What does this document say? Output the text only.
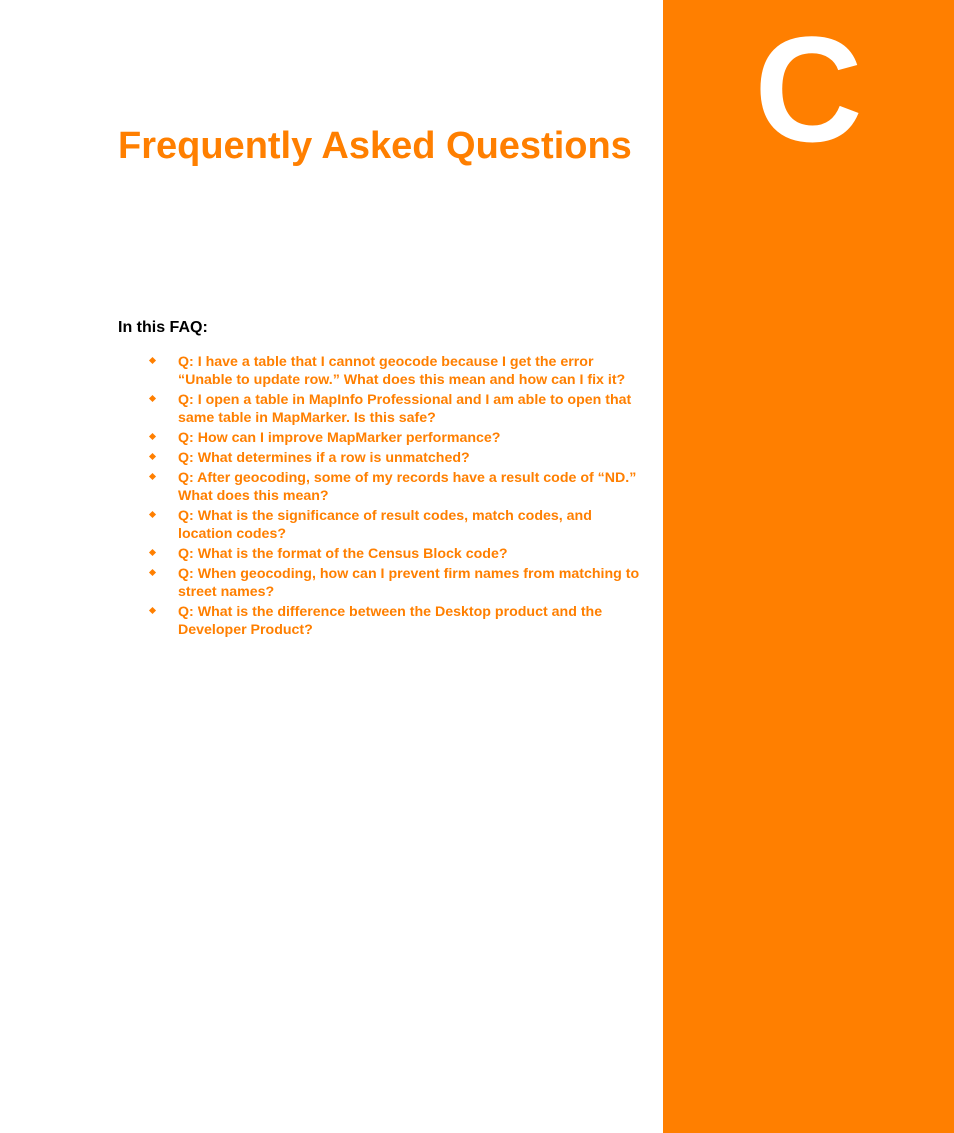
C
Frequently Asked Questions
In this FAQ:
Q: I have a table that I cannot geocode because I get the error “Unable to update row.” What does this mean and how can I fix it?
Q: I open a table in MapInfo Professional and I am able to open that same table in MapMarker. Is this safe?
Q: How can I improve MapMarker performance?
Q: What determines if a row is unmatched?
Q: After geocoding, some of my records have a result code of “ND.” What does this mean?
Q: What is the significance of result codes, match codes, and location codes?
Q: What is the format of the Census Block code?
Q: When geocoding, how can I prevent firm names from matching to street names?
Q: What is the difference between the Desktop product and the Developer Product?
